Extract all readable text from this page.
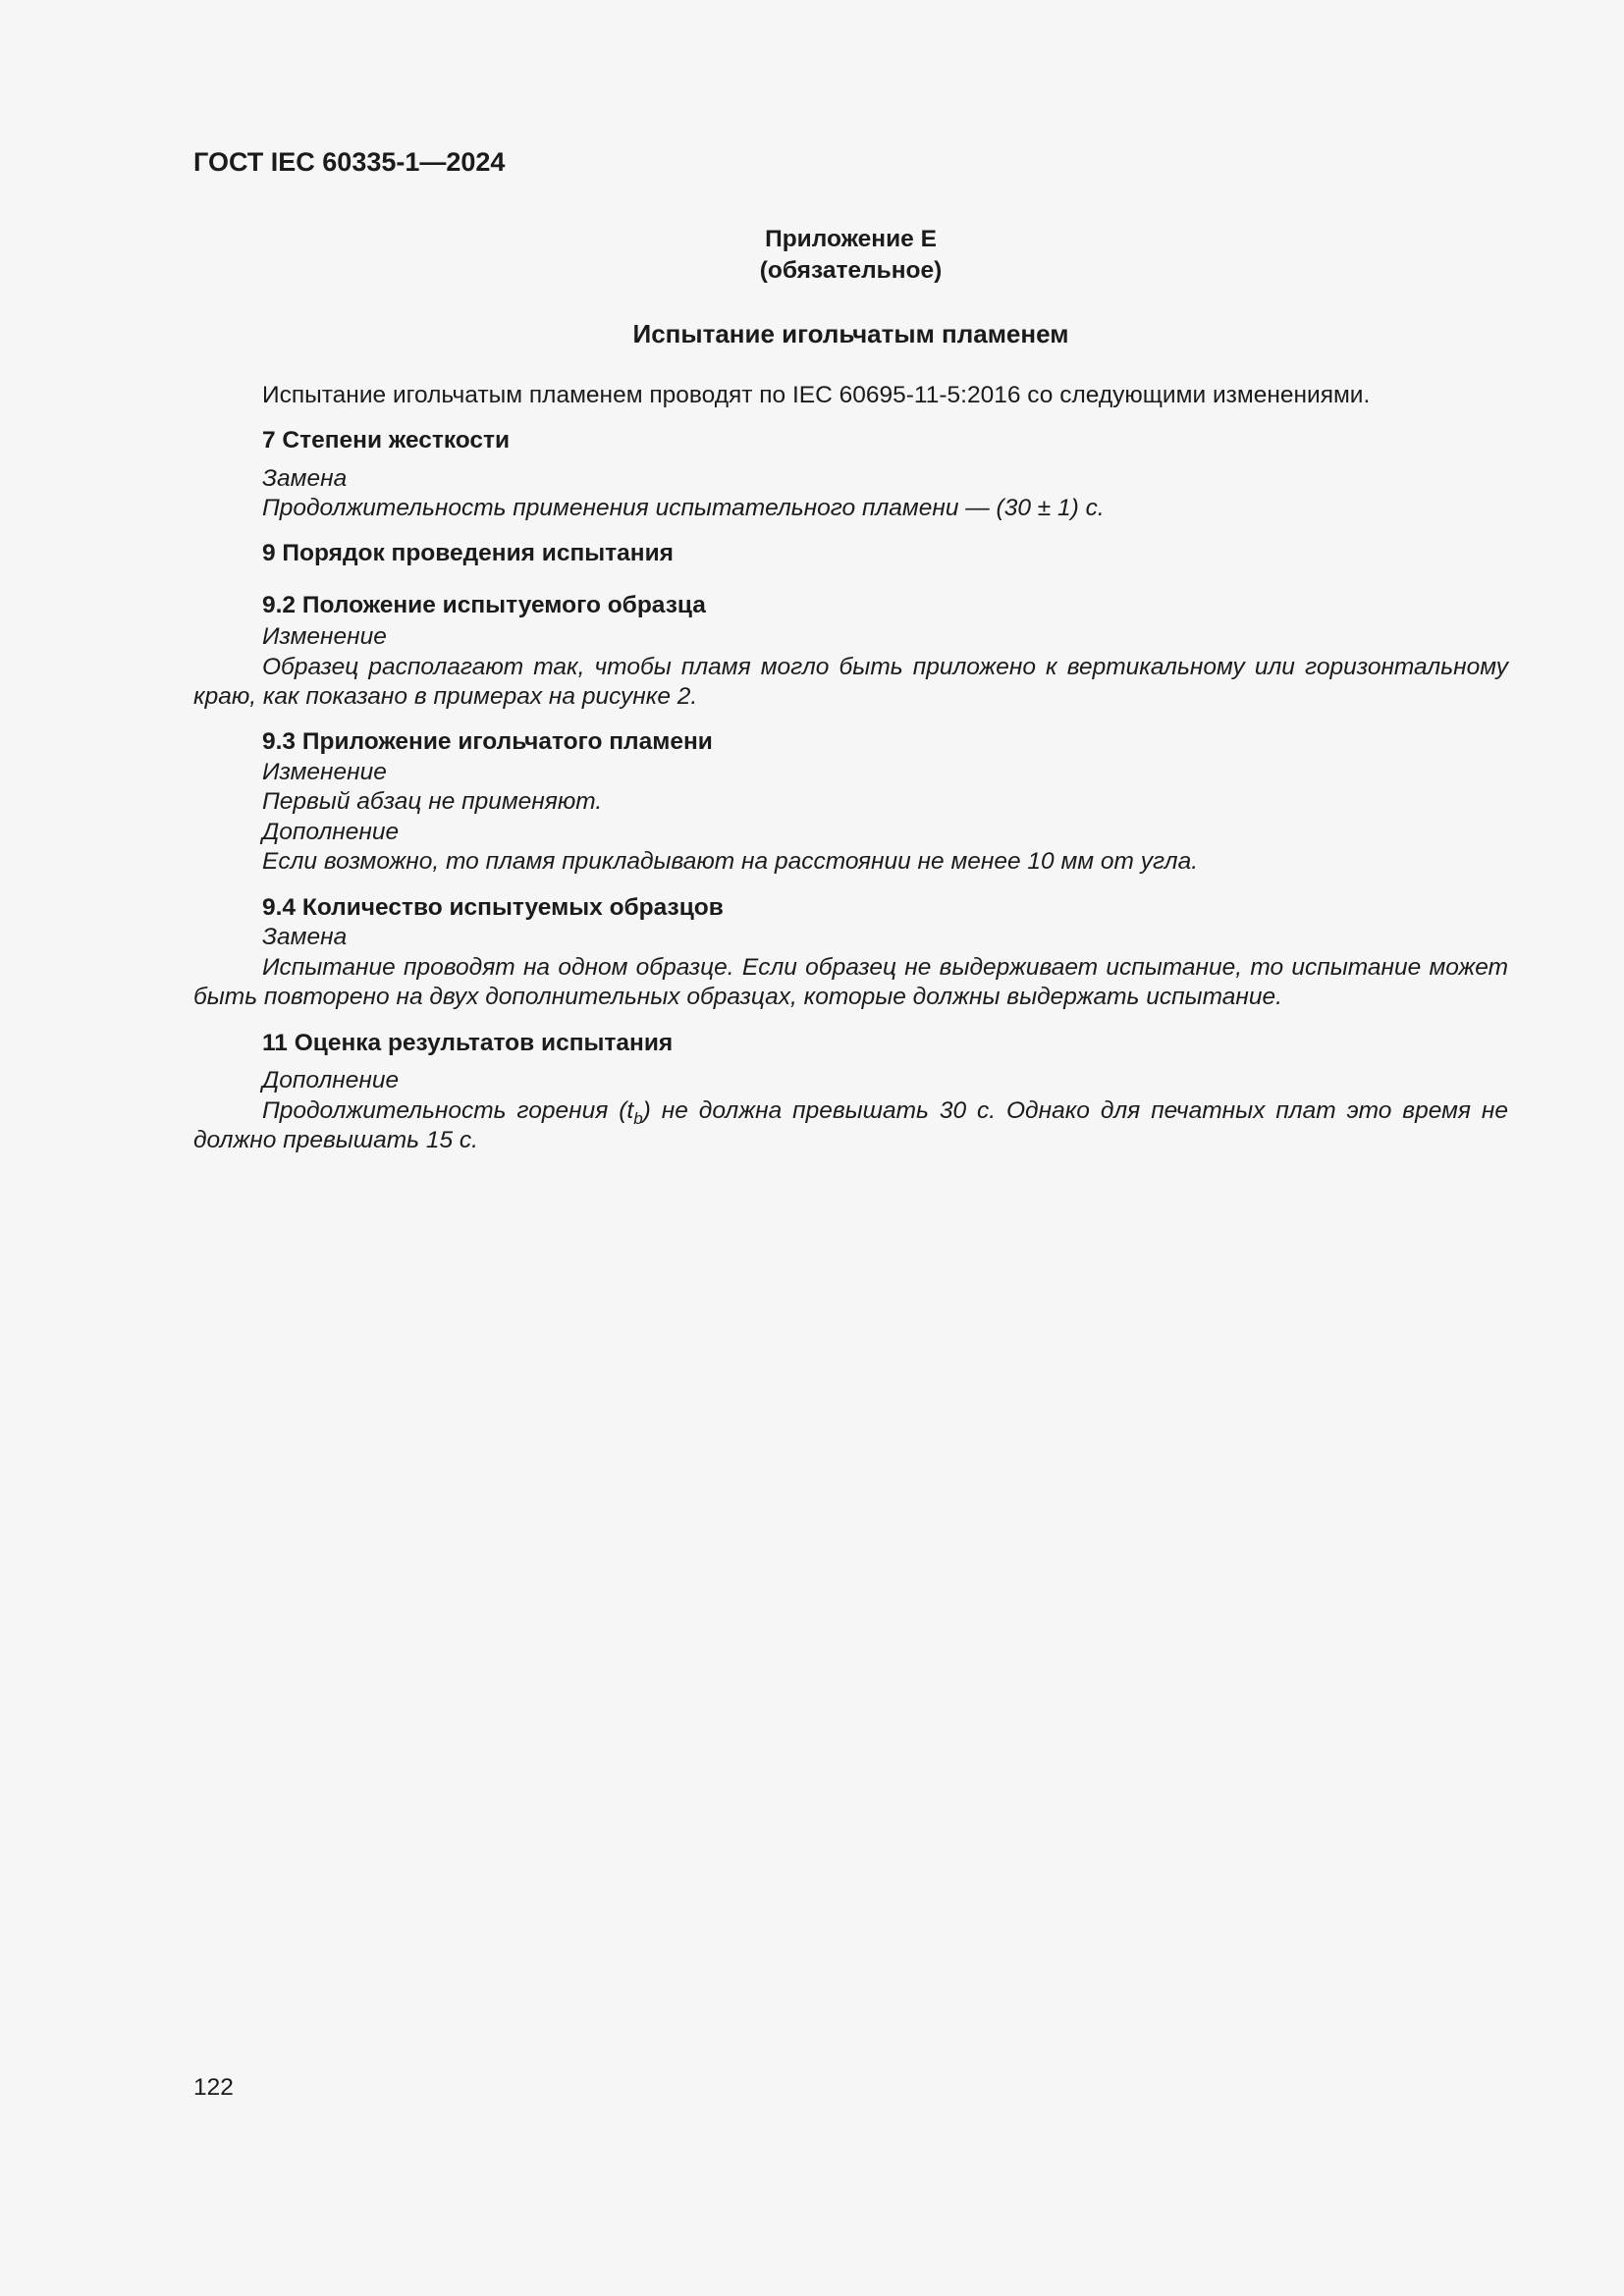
ГОСТ IEC 60335-1—2024
Приложение E
(обязательное)
Испытание игольчатым пламенем

Испытание игольчатым пламенем проводят по IEC 60695-11-5:2016 со следующими изменениями.

7 Степени жесткости

Замена

Продолжительность применения испытательного пламени — (30 ± 1) с.

9 Порядок проведения испытания

9.2 Положение испытуемого образца

Изменение

Образец располагают так, чтобы пламя могло быть приложено к вертикальному или горизонтальному краю, как показано в примерах на рисунке 2.

9.3 Приложение игольчатого пламени

Изменение

Первый абзац не применяют.

Дополнение

Если возможно, то пламя прикладывают на расстоянии не менее 10 мм от угла.

9.4 Количество испытуемых образцов

Замена

Испытание проводят на одном образце. Если образец не выдерживает испытание, то испытание может быть повторено на двух дополнительных образцах, которые должны выдержать испытание.

11 Оценка результатов испытания

Дополнение

Продолжительность горения $(t_b)$ не должна превышать 30 с. Однако для печатных плат это время не должно превышать 15 с.

122
